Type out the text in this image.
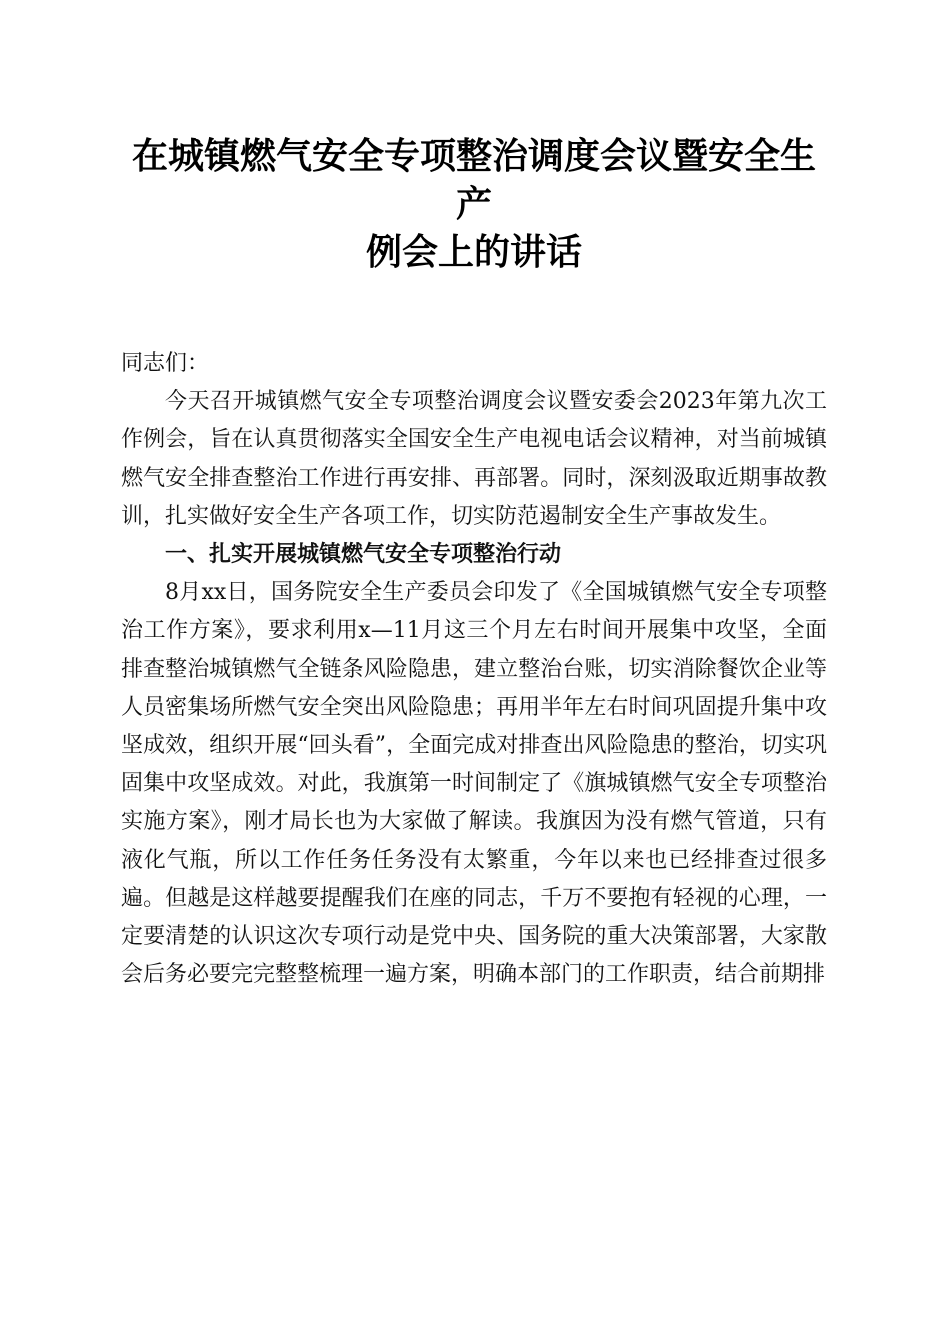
在城镇燃气安全专项整治调度会议暨安全生产
例会上的讲话

同志们：

今天召开城镇燃气安全专项整治调度会议暨安委会2023年第九次工作例会，旨在认真贯彻落实全国安全生产电视电话会议精神，对当前城镇燃气安全排查整治工作进行再安排、再部署。同时，深刻汲取近期事故教训，扎实做好安全生产各项工作，切实防范遏制安全生产事故发生。

一、扎实开展城镇燃气安全专项整治行动

8月xx日，国务院安全生产委员会印发了《全国城镇燃气安全专项整治工作方案》，要求利用x—11月这三个月左右时间开展集中攻坚，全面排查整治城镇燃气全链条风险隐患，建立整治台账，切实消除餐饮企业等人员密集场所燃气安全突出风险隐患；再用半年左右时间巩固提升集中攻坚成效，组织开展“回头看”，全面完成对排查出风险隐患的整治，切实巩固集中攻坚成效。对此，我旗第一时间制定了《旗城镇燃气安全专项整治实施方案》，刚才局长也为大家做了解读。我旗因为没有燃气管道，只有液化气瓶，所以工作任务任务没有太繁重，今年以来也已经排查过很多遍。但越是这样越要提醒我们在座的同志，千万不要抱有轻视的心理，一定要清楚的认识这次专项行动是党中央、国务院的重大决策部署，大家散会后务必要完完整整梳理一遍方案，明确本部门的工作职责，结合前期排
